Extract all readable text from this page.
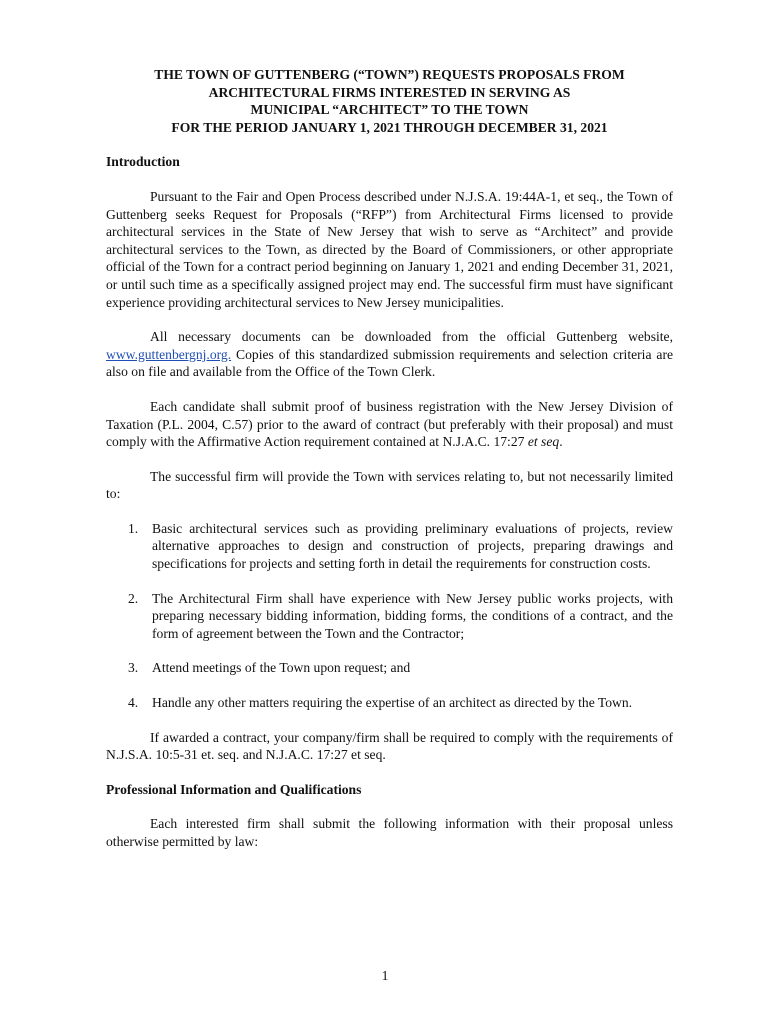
THE TOWN OF GUTTENBERG (“TOWN”) REQUESTS PROPOSALS FROM
ARCHITECTURAL FIRMS INTERESTED IN SERVING AS
MUNICIPAL “ARCHITECT” TO THE TOWN
FOR THE PERIOD JANUARY 1, 2021 THROUGH DECEMBER 31, 2021
Introduction

Pursuant to the Fair and Open Process described under N.J.S.A. 19:44A-1, et seq., the Town of Guttenberg seeks Request for Proposals (“RFP”) from Architectural Firms licensed to provide architectural services in the State of New Jersey that wish to serve as “Architect” and provide architectural services to the Town, as directed by the Board of Commissioners, or other appropriate official of the Town for a contract period beginning on January 1, 2021 and ending December 31, 2021, or until such time as a specifically assigned project may end. The successful firm must have significant experience providing architectural services to New Jersey municipalities.

All necessary documents can be downloaded from the official Guttenberg website, www.guttenbergnj.org. Copies of this standardized submission requirements and selection criteria are also on file and available from the Office of the Town Clerk.

Each candidate shall submit proof of business registration with the New Jersey Division of Taxation (P.L. 2004, C.57) prior to the award of contract (but preferably with their proposal) and must comply with the Affirmative Action requirement contained at N.J.A.C. 17:27 et seq.

The successful firm will provide the Town with services relating to, but not necessarily limited to:

1. Basic architectural services such as providing preliminary evaluations of projects, review alternative approaches to design and construction of projects, preparing drawings and specifications for projects and setting forth in detail the requirements for construction costs.
2. The Architectural Firm shall have experience with New Jersey public works projects, with preparing necessary bidding information, bidding forms, the conditions of a contract, and the form of agreement between the Town and the Contractor;
3. Attend meetings of the Town upon request; and
4. Handle any other matters requiring the expertise of an architect as directed by the Town.

If awarded a contract, your company/firm shall be required to comply with the requirements of N.J.S.A. 10:5-31 et. seq. and N.J.A.C. 17:27 et seq.

Professional Information and Qualifications

Each interested firm shall submit the following information with their proposal unless otherwise permitted by law:

1
